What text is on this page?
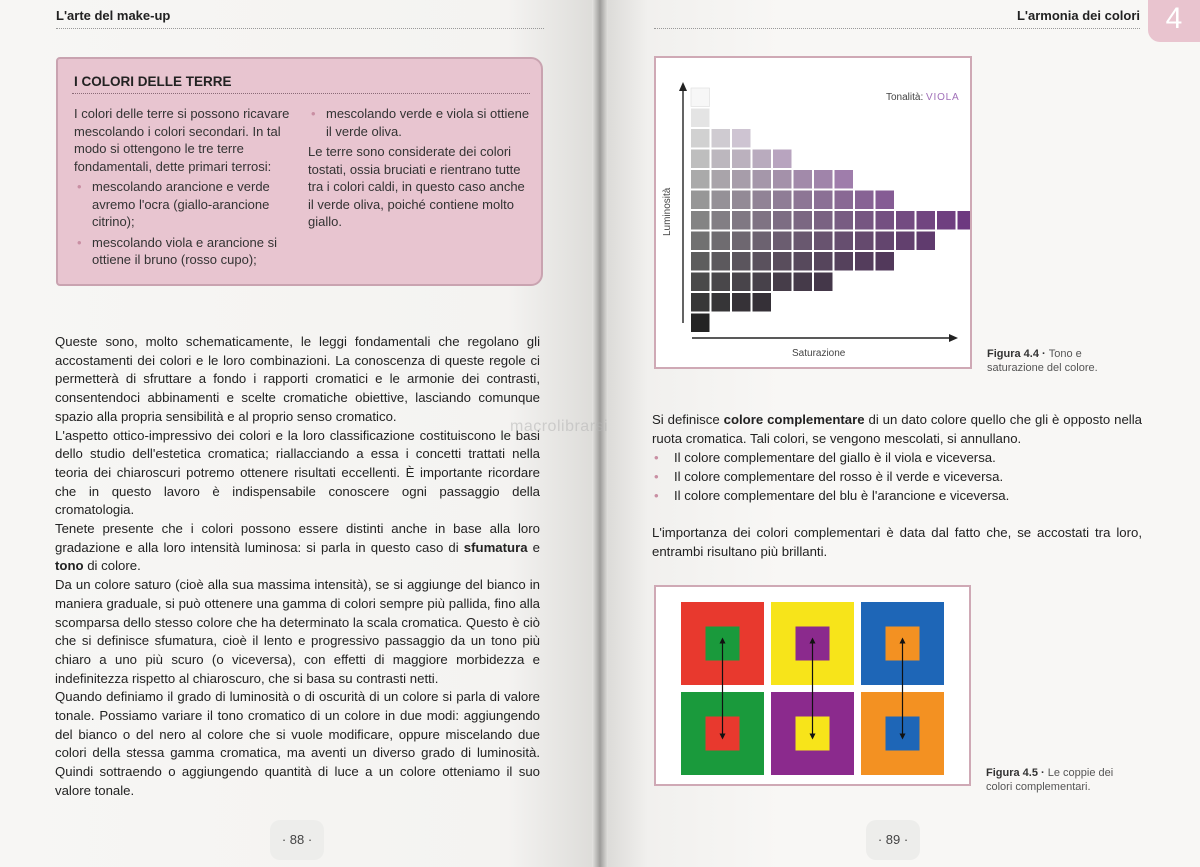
L'arte del make-up
I COLORI DELLE TERRE

I colori delle terre si possono ricavare mescolando i colori secondari. In tal modo si ottengono le tre terre fondamentali, dette primari terrosi:

• mescolando arancione e verde avremo l'ocra (giallo-arancione citrino);
• mescolando viola e arancione si ottiene il bruno (rosso cupo);
• mescolando verde e viola si ottiene il verde oliva.

Le terre sono considerate dei colori tostati, ossia bruciati e rientrano tutte tra i colori caldi, in questo caso anche il verde oliva, poiché contiene molto giallo.

Queste sono, molto schematicamente, le leggi fondamentali che regolano gli accostamenti dei colori e le loro combinazioni. La conoscenza di queste regole ci permetterà di sfruttare a fondo i rapporti cromatici e le armonie dei contrasti, consentendoci abbinamenti e scelte cromatiche obiettive, lasciando comunque spazio alla propria sensibilità e al proprio senso cromatico.

L'aspetto ottico-impressivo dei colori e la loro classificazione costituiscono le basi dello studio dell'estetica cromatica; riallacciando a essa i concetti trattati nella teoria dei chiaroscuri potremo ottenere risultati eccellenti. È importante ricordare che in questo lavoro è indispensabile conoscere ogni passaggio della cromatologia.

Tenete presente che i colori possono essere distinti anche in base alla loro gradazione e alla loro intensità luminosa: si parla in questo caso di sfumatura e tono di colore.

Da un colore saturo (cioè alla sua massima intensità), se si aggiunge del bianco in maniera graduale, si può ottenere una gamma di colori sempre più pallida, fino alla scomparsa dello stesso colore che ha determinato la scala cromatica. Questo è ciò che si definisce sfumatura, cioè il lento e progressivo passaggio da un tono più chiaro a uno più scuro (o viceversa), con effetti di maggiore morbidezza e indefinitezza rispetto al chiaroscuro, che si basa su contrasti netti.

Quando definiamo il grado di luminosità o di oscurità di un colore si parla di valore tonale. Possiamo variare il tono cromatico di un colore in due modi: aggiungendo del bianco o del nero al colore che si vuole modificare, oppure miscelando due colori della stessa gamma cromatica, ma aventi un diverso grado di luminosità. Quindi sottraendo o aggiungendo quantità di luce a un colore otteniamo il suo valore tonale.

· 88 ·
L'armonia dei colori 4
Luminosità
Saturazione
Tonalità: VIOLA
Figura 4.4 · Tono e saturazione del colore.

Si definisce colore complementare di un dato colore quello che gli è opposto nella ruota cromatica. Tali colori, se vengono mescolati, si annullano.

• Il colore complementare del giallo è il viola e viceversa.
• Il colore complementare del rosso è il verde e viceversa.
• Il colore complementare del blu è l'arancione e viceversa.

L'importanza dei colori complementari è data dal fatto che, se accostati tra loro, entrambi risultano più brillanti.

Figura 4.5 · Le coppie dei colori complementari.
· 89 ·
macrolibrarsi
